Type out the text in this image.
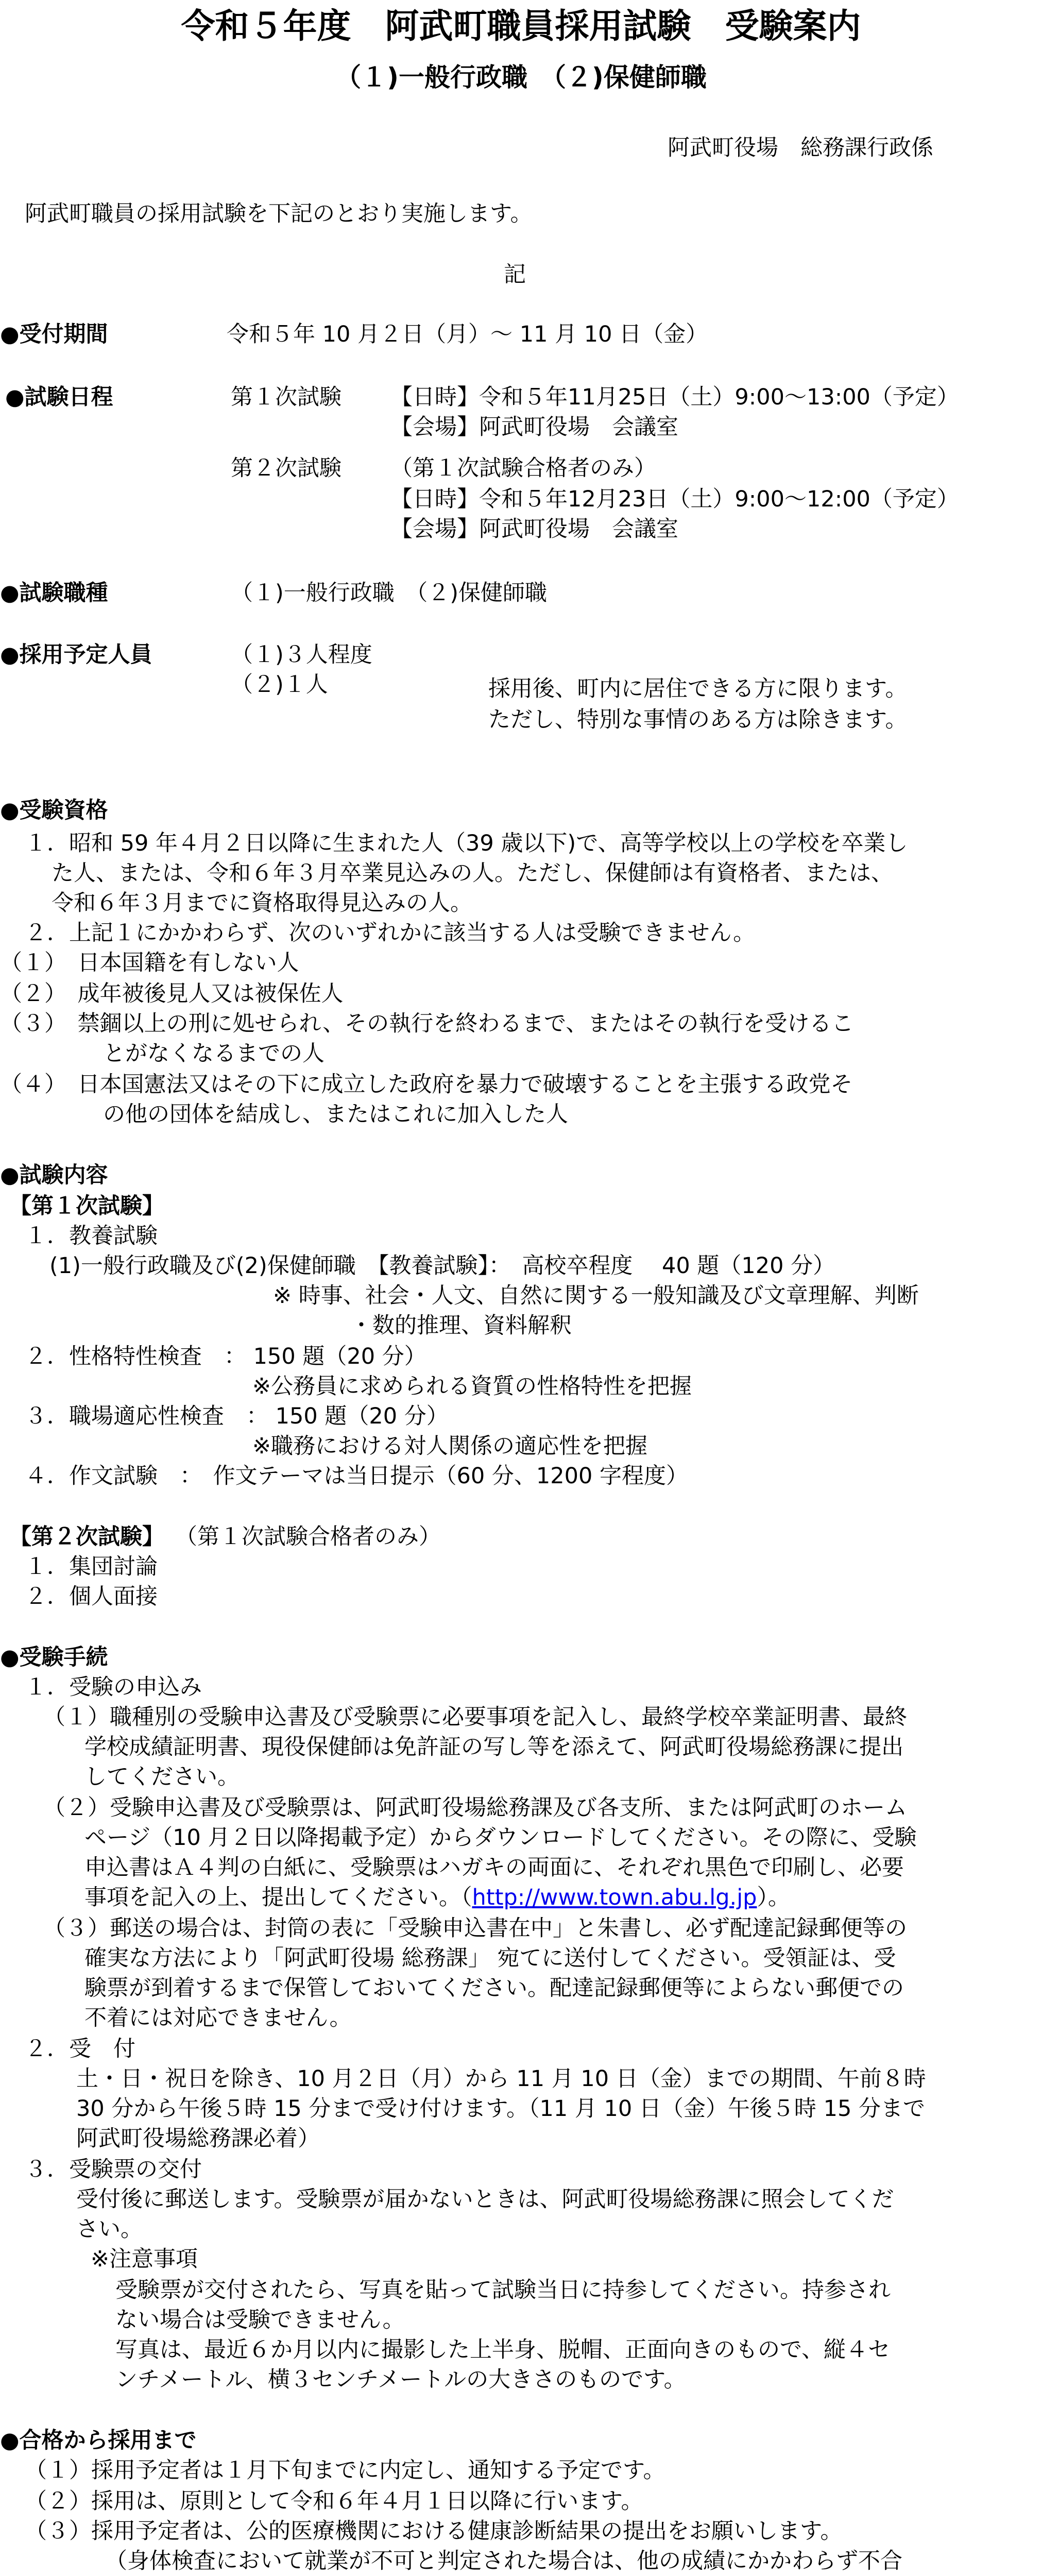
令和５年度　阿武町職員採用試験　受験案内
（１)一般行政職　（２)保健師職
阿武町役場　総務課行政係
阿武町職員の採用試験を下記のとおり実施します。
記
●受付期間	令和５年 10 月２日（月）～ 11 月 10 日（金）
●試験日程	第１次試験 【日時】令和５年11月25日（土）9:00～13:00（予定）
【会場】阿武町役場　会議室
第２次試験 （第１次試験合格者のみ）
【日時】令和５年12月23日（土）9:00～12:00（予定）
【会場】阿武町役場　会議室
●試験職種	（１)一般行政職　（２)保健師職
●採用予定人員	（１)３人程度
（２)１人	採用後、町内に居住できる方に限ります。
ただし、特別な事情のある方は除きます。
●受験資格
１．昭和 59 年４月２日以降に生まれた人（39 歳以下)で、高等学校以上の学校を卒業し
た人、または、令和６年３月卒業見込みの人。ただし、保健師は有資格者、または、
令和６年３月までに資格取得見込みの人。
２．上記１にかかわらず、次のいずれかに該当する人は受験できません。
（１）　日本国籍を有しない人
（２）　成年被後見人又は被保佐人
（３）　禁錮以上の刑に処せられ、その執行を終わるまで、またはその執行を受けるこ
とがなくなるまでの人
（４）　日本国憲法又はその下に成立した政府を暴力で破壊することを主張する政党そ
の他の団体を結成し、またはこれに加入した人
●試験内容
【第１次試験】
１．教養試験
(1)一般行政職及び(2)保健師職　【教養試験】：　高校卒程度　 40 題（120 分）
※ 時事、社会・人文、自然に関する一般知識及び文章理解、判断
・数的推理、資料解釈
２．性格特性検査　： 150 題（20 分）
※公務員に求められる資質の性格特性を把握
３．職場適応性検査　： 150 題（20 分）
※職務における対人関係の適応性を把握
４．作文試験　：　作文テーマは当日提示（60 分、1200 字程度）
【第２次試験】 （第１次試験合格者のみ）
１．集団討論
２．個人面接
●受験手続
１．受験の申込み
（１）職種別の受験申込書及び受験票に必要事項を記入し、最終学校卒業証明書、最終
学校成績証明書、現役保健師は免許証の写し等を添えて、阿武町役場総務課に提出
してください。
（２）受験申込書及び受験票は、阿武町役場総務課及び各支所、または阿武町のホーム
ページ（10 月２日以降掲載予定）からダウンロードしてください。その際に、受験
申込書はＡ４判の白紙に、受験票はハガキの両面に、それぞれ黒色で印刷し、必要
事項を記入の上、提出してください。（http://www.town.abu.lg.jp）。
（３）郵送の場合は、封筒の表に「受験申込書在中」と朱書し、必ず配達記録郵便等の
確実な方法により「阿武町役場 総務課」 宛てに送付してください。受領証は、受
験票が到着するまで保管しておいてください。配達記録郵便等によらない郵便での
不着には対応できません。
２．受　付
土・日・祝日を除き、10 月２日（月）から 11 月 10 日（金）までの期間、午前８時
30 分から午後５時 15 分まで受け付けます。（11 月 10 日（金）午後５時 15 分まで
阿武町役場総務課必着）
３．受験票の交付
受付後に郵送します。受験票が届かないときは、阿武町役場総務課に照会してくだ
さい。
※注意事項
受験票が交付されたら、写真を貼って試験当日に持参してください。持参され
ない場合は受験できません。
写真は、最近６か月以内に撮影した上半身、脱帽、正面向きのもので、縦４セ
ンチメートル、横３センチメートルの大きさのものです。
●合格から採用まで
（１）採用予定者は１月下旬までに内定し、通知する予定です。
（２）採用は、原則として令和６年４月１日以降に行います。
（３）採用予定者は、公的医療機関における健康診断結果の提出をお願いします。
（身体検査において就業が不可と判定された場合は、他の成績にかかわらず不合
